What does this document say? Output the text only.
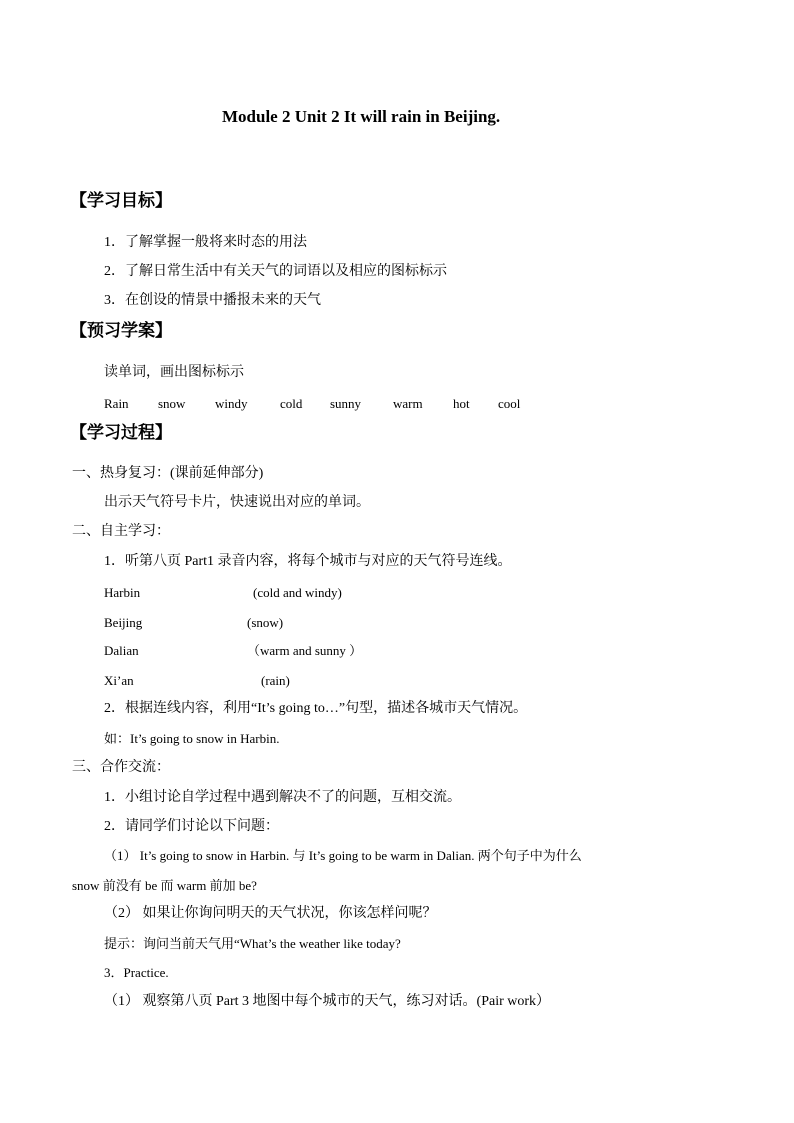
Module 2 Unit 2 It will rain in Beijing.
【学习目标】
1．了解掌握一般将来时态的用法
2．了解日常生活中有关天气的词语以及相应的图标标示
3．在创设的情景中播报未来的天气
【预习学案】
读单词，画出图标标示
Rain snow windy	cold sunny warm hot cool
【学习过程】
一、热身复习：(课前延伸部分)
出示天气符号卡片，快速说出对应的单词。
二、自主学习：
1．听第八页 Part1 录音内容，将每个城市与对应的天气符号连线。
Harbin	(cold and windy)
Beijing	(snow)
Dalian	（warm and sunny ）
Xi’an	(rain)
2．根据连线内容，利用“It’s going to…”句型，描述各城市天气情况。
如：It’s going to snow in Harbin.
三、合作交流：
1．小组讨论自学过程中遇到解决不了的问题，互相交流。
2．请同学们讨论以下问题：
（1） It’s going to snow in Harbin. 与 It’s going to be warm in Dalian. 两个句子中为什么
snow 前没有 be 而 warm 前加 be?
（2） 如果让你询问明天的天气状况，你该怎样问呢？
提示：询问当前天气用“What’s the weather like today?
3．Practice.
（1） 观察第八页 Part 3 地图中每个城市的天气，练习对话。(Pair work）
